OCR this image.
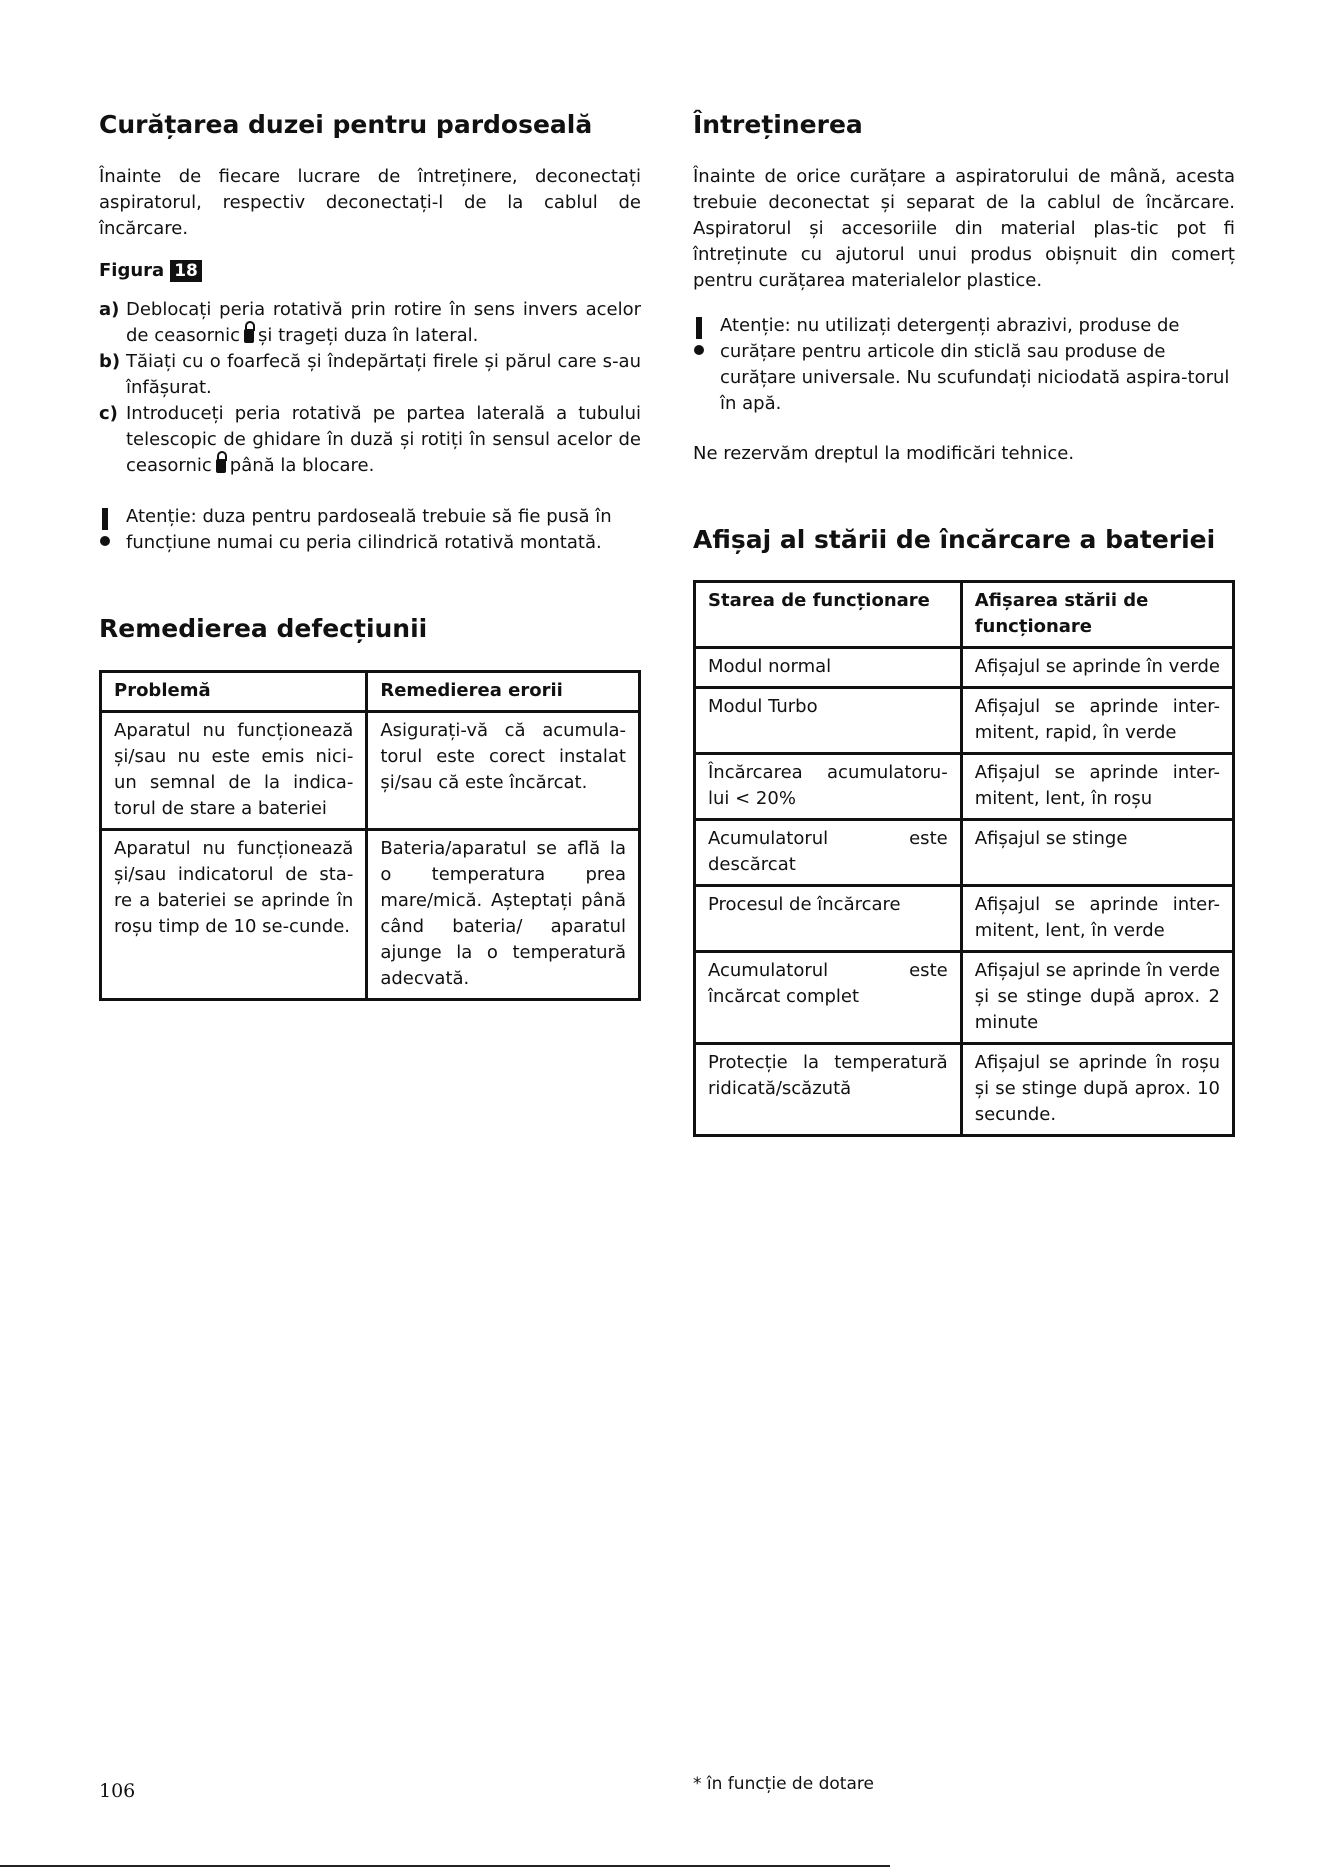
Curățarea duzei pentru pardoseală

Înainte de fiecare lucrare de întreținere, deconectați aspiratorul, respectiv deconectați-l de la cablul de încărcare.

Figura 18
a) Deblocați peria rotativă prin rotire în sens invers acelor de ceasornic și trageți duza în lateral.
b) Tăiați cu o foarfecă și îndepărtați firele și părul care s-au înfășurat.
c) Introduceți peria rotativă pe partea laterală a tubului telescopic de ghidare în duză și rotiți în sensul acelor de ceasornic până la blocare.
Atenție: duza pentru pardoseală trebuie să fie pusă în funcțiune numai cu peria cilindrică rotativă montată.
Remedierea defecțiunii
Problemă	Remedierea erorii
Aparatul nu funcționează și/sau nu este emis nici-un semnal de la indica-torul de stare a bateriei	Asigurați-vă că acumula-torul este corect instalat și/sau că este încărcat.
Aparatul nu funcționează și/sau indicatorul de sta-re a bateriei se aprinde în roșu timp de 10 se-cunde.	Bateria/aparatul se află la o temperatura prea mare/mică. Așteptați până când bateria/ aparatul ajunge la o temperatură adecvată.
Întreținerea

Înainte de orice curățare a aspiratorului de mână, acesta trebuie deconectat și separat de la cablul de încărcare. Aspiratorul și accesoriile din material plas-tic pot fi întreținute cu ajutorul unui produs obișnuit din comerț pentru curățarea materialelor plastice.

Atenție: nu utilizați detergenți abrazivi, produse de curățare pentru articole din sticlă sau produse de curățare universale. Nu scufundați niciodată aspira-torul în apă.

Ne rezervăm dreptul la modificări tehnice.

Afișaj al stării de încărcare a bateriei
Starea de funcționare	Afișarea stării de funcționare
Modul normal	Afișajul se aprinde în verde
Modul Turbo	Afișajul se aprinde inter-mitent, rapid, în verde
Încărcarea acumulatoru-lui < 20%	Afișajul se aprinde inter-mitent, lent, în roșu
Acumulatorul este descărcat	Afișajul se stinge
Procesul de încărcare	Afișajul se aprinde inter-mitent, lent, în verde
Acumulatorul este încărcat complet	Afișajul se aprinde în verde și se stinge după aprox. 2 minute
Protecție la temperatură ridicată/scăzută	Afișajul se aprinde în roșu și se stinge după aprox. 10 secunde.
106	* în funcție de dotare
